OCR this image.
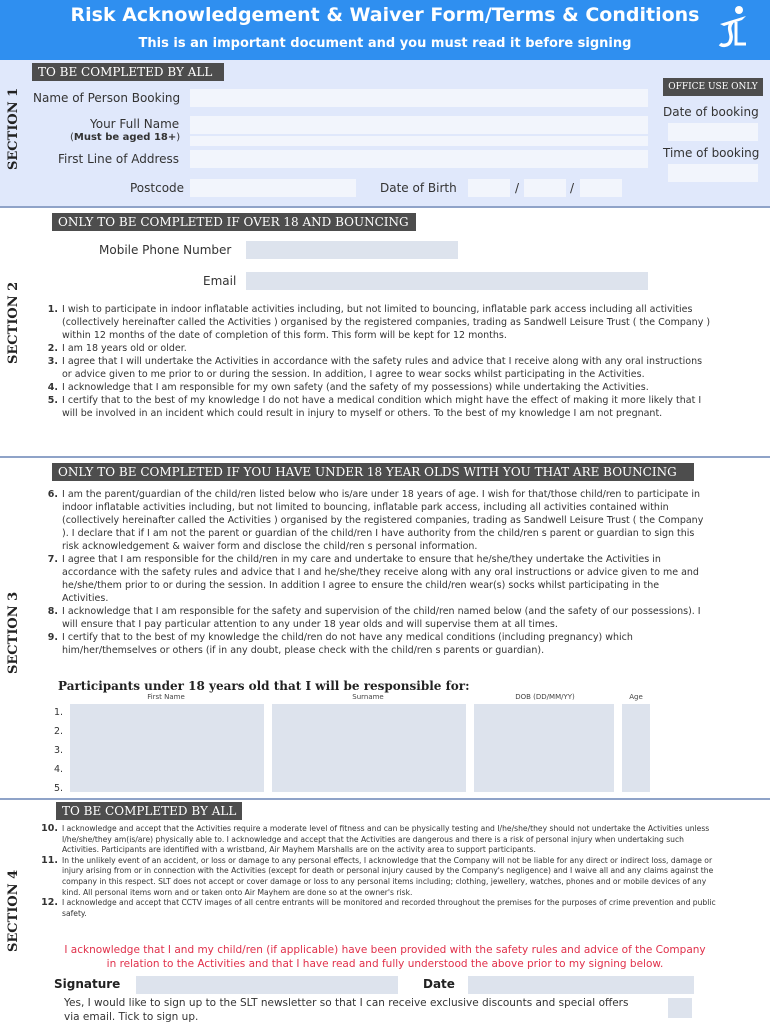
Risk Acknowledgement & Waiver Form/Terms & Conditions
This is an important document and you must read it before signing
SECTION 1
TO BE COMPLETED BY ALL
Name of Person Booking
Your Full Name
(Must be aged 18+)
First Line of Address
Postcode	Date of Birth	/	/
OFFICE USE ONLY
Date of booking
Time of booking
SECTION 2
ONLY TO BE COMPLETED IF OVER 18 AND BOUNCING
Mobile Phone Number
Email
1. I wish to participate in indoor inflatable activities including, but not limited to bouncing, inflatable park access including all activities (collectively hereinafter called the Activities ) organised by the registered companies, trading as Sandwell Leisure Trust ( the Company ) within 12 months of the date of completion of this form. This form will be kept for 12 months.
2. I am 18 years old or older.
3. I agree that I will undertake the Activities in accordance with the safety rules and advice that I receive along with any oral instructions or advice given to me prior to or during the session. In addition, I agree to wear socks whilst participating in the Activities.
4. I acknowledge that I am responsible for my own safety (and the safety of my possessions) while undertaking the Activities.
5. I certify that to the best of my knowledge I do not have a medical condition which might have the effect of making it more likely that I will be involved in an incident which could result in injury to myself or others. To the best of my knowledge I am not pregnant.
SECTION 3
ONLY TO BE COMPLETED IF YOU HAVE UNDER 18 YEAR OLDS WITH YOU THAT ARE BOUNCING
6. I am the parent/guardian of the child/ren listed below who is/are under 18 years of age. I wish for that/those child/ren to participate in indoor inflatable activities including, but not limited to bouncing, inflatable park access, including all activities contained within (collectively hereinafter called the Activities ) organised by the registered companies, trading as Sandwell Leisure Trust ( the Company ). I declare that if I am not the parent or guardian of the child/ren I have authority from the child/ren s parent or guardian to sign this risk acknowledgement & waiver form and disclose the child/ren s personal information.
7. I agree that I am responsible for the child/ren in my care and undertake to ensure that he/she/they undertake the Activities in accordance with the safety rules and advice that I and he/she/they receive along with any oral instructions or advice given to me and he/she/them prior to or during the session. In addition I agree to ensure the child/ren wear(s) socks whilst participating in the Activities.
8. I acknowledge that I am responsible for the safety and supervision of the child/ren named below (and the safety of our possessions). I will ensure that I pay particular attention to any under 18 year olds and will supervise them at all times.
9. I certify that to the best of my knowledge the child/ren do not have any medical conditions (including pregnancy) which him/her/themselves or others (if in any doubt, please check with the child/ren s parents or guardian).
Participants under 18 years old that I will be responsible for:
First Name	Surname	DOB (DD/MM/YY)	Age
1.
2.
3.
4.
5.
SECTION 4
TO BE COMPLETED BY ALL
10. I acknowledge and accept that the Activities require a moderate level of fitness and can be physically testing and I/he/she/they should not undertake the Activities unless I/he/she/they am(is/are) physically able to. I acknowledge and accept that the Activities are dangerous and there is a risk of personal injury when undertaking such Activities. Participants are identified with a wristband, Air Mayhem Marshalls are on the activity area to support participants.
11. In the unlikely event of an accident, or loss or damage to any personal effects, I acknowledge that the Company will not be liable for any direct or indirect loss, damage or injury arising from or in connection with the Activities (except for death or personal injury caused by the Company's negligence) and I waive all and any claims against the company in this respect. SLT does not accept or cover damage or loss to any personal items including; clothing, jewellery, watches, phones and or mobile devices of any kind. All personal items worn and or taken onto Air Mayhem are done so at the owner's risk.
12. I acknowledge and accept that CCTV images of all centre entrants will be monitored and recorded throughout the premises for the purposes of crime prevention and public safety.
I acknowledge that I and my child/ren (if applicable) have been provided with the safety rules and advice of the Company
in relation to the Activities and that I have read and fully understood the above prior to my signing below.
Signature	Date
Yes, I would like to sign up to the SLT newsletter so that I can receive exclusive discounts and special offers via email. Tick to sign up.
